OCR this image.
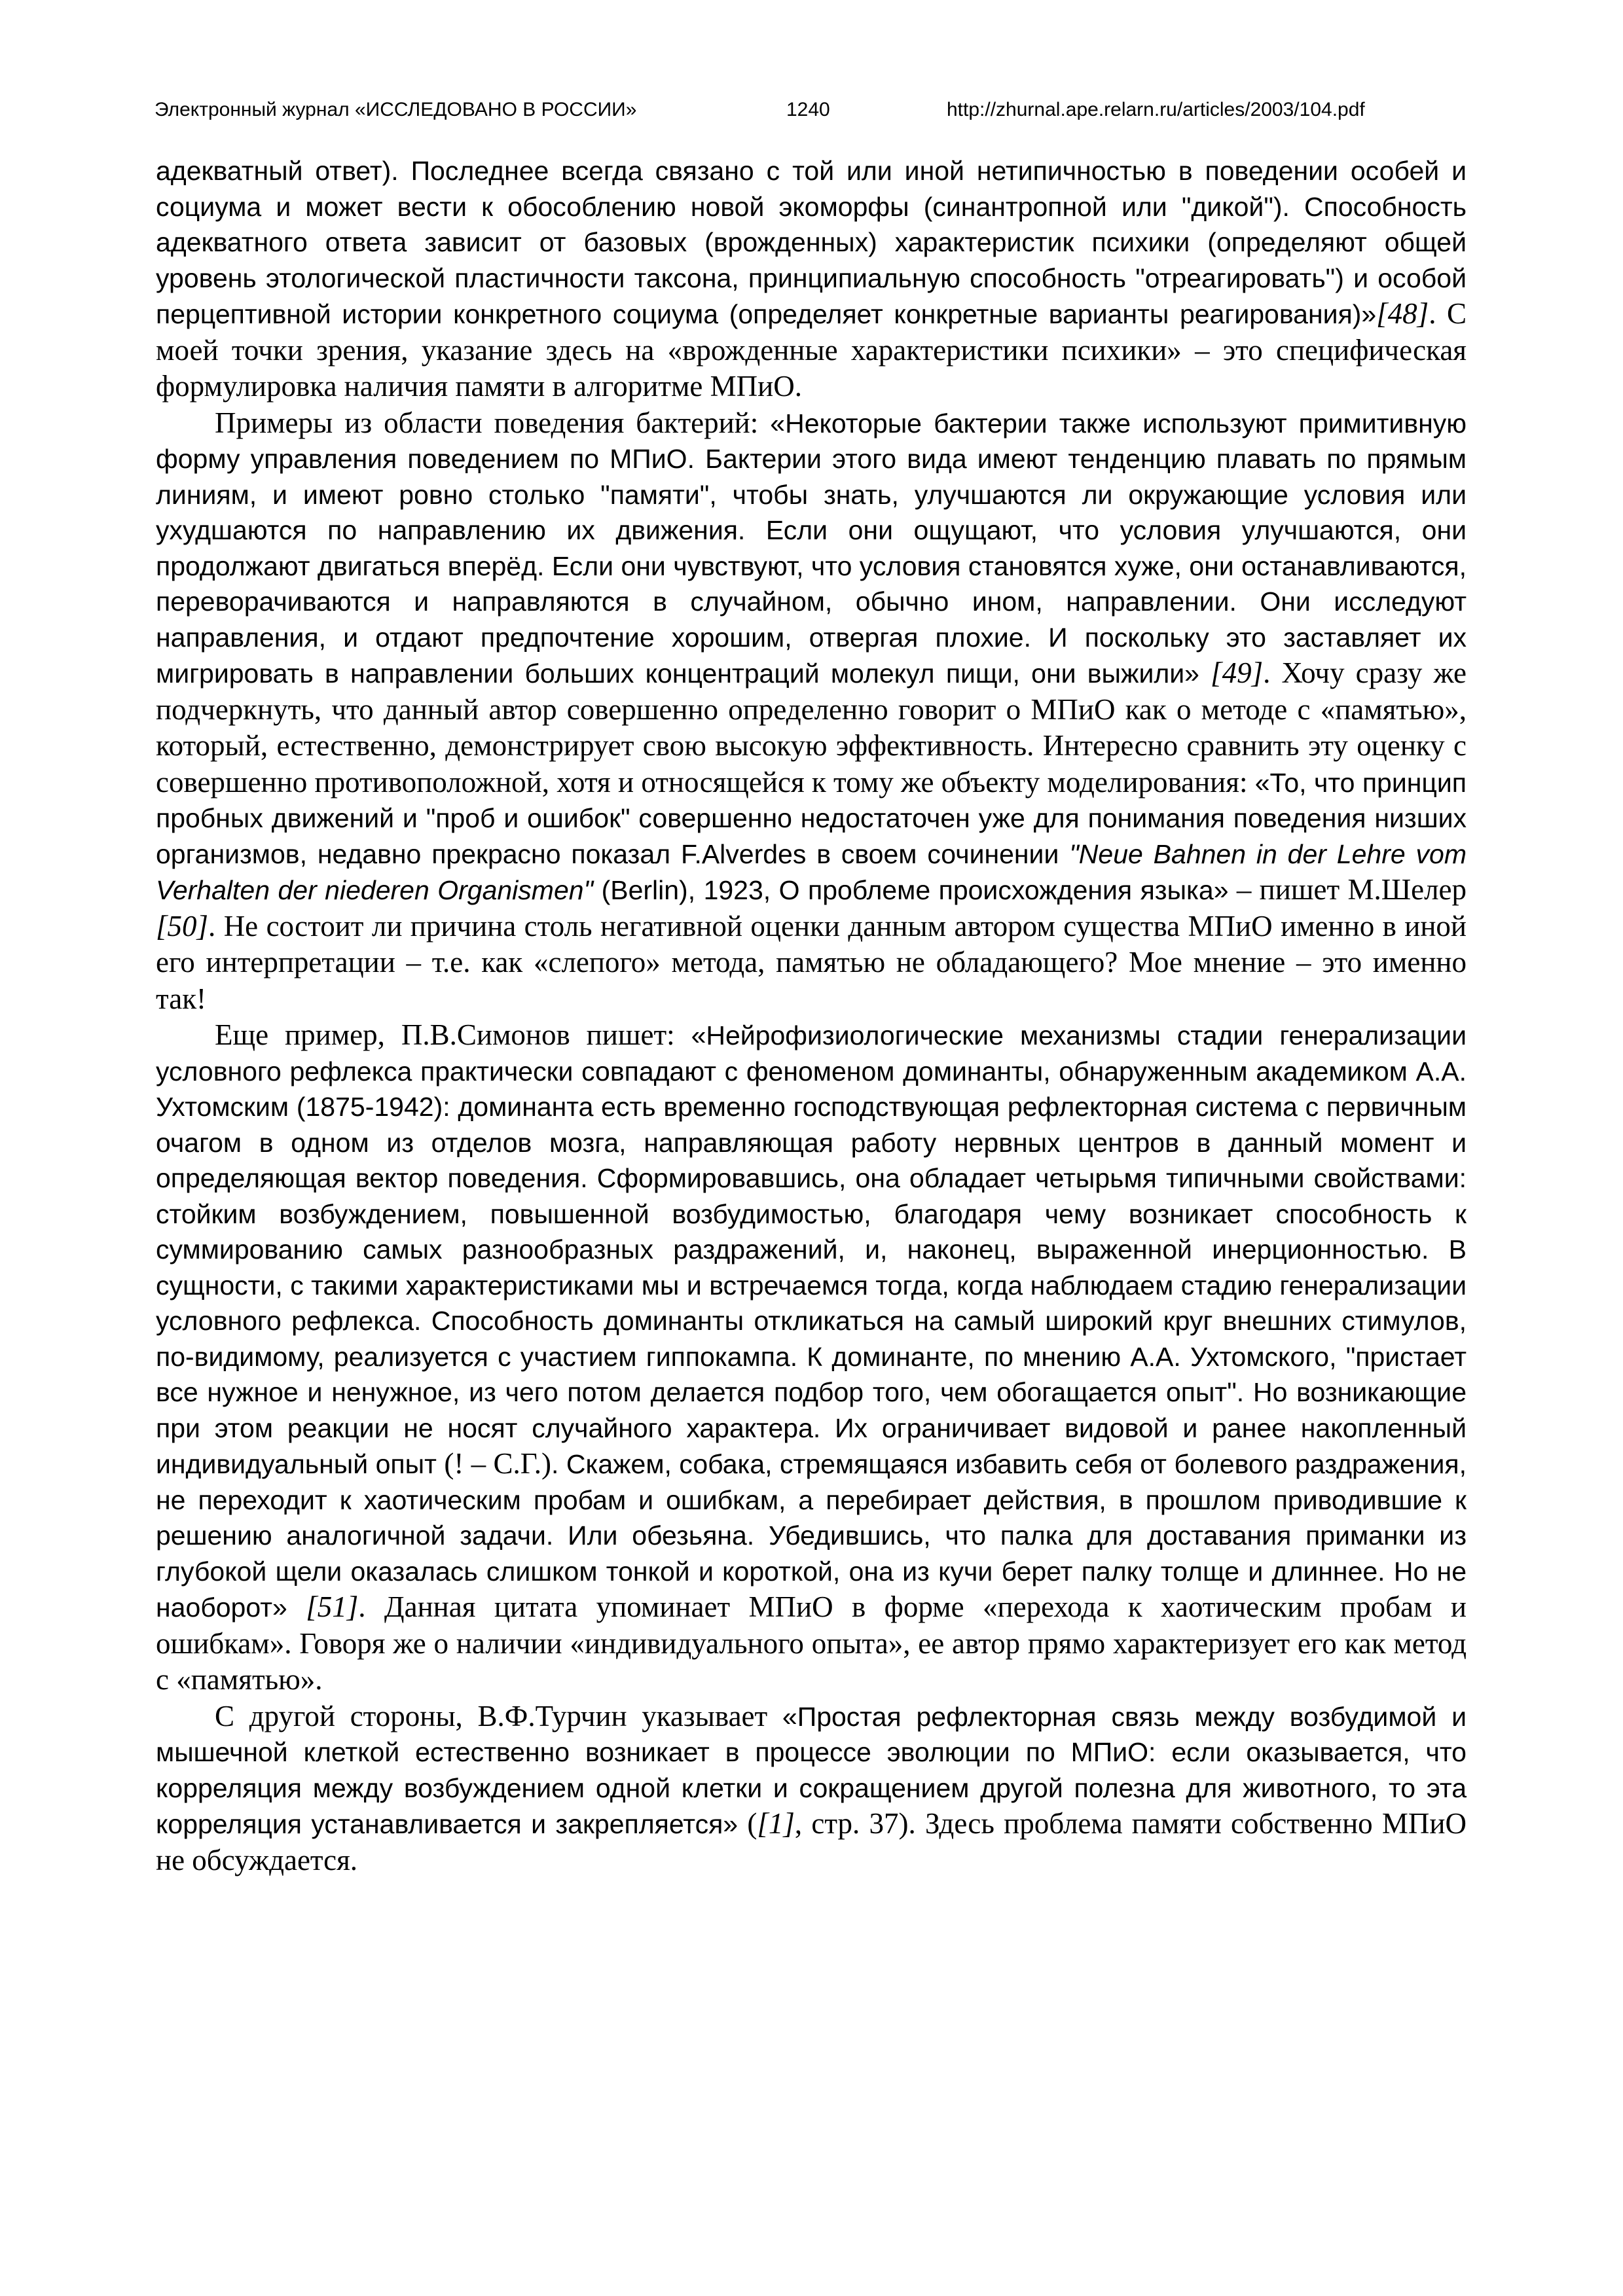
Электронный журнал «ИССЛЕДОВАНО В РОССИИ»	1240	http://zhurnal.ape.relarn.ru/articles/2003/104.pdf

адекватный ответ). Последнее всегда связано с той или иной нетипичностью в поведении особей и социума и может вести к обособлению новой экоморфы (синантропной или "дикой"). Способность адекватного ответа зависит от базовых (врожденных) характеристик психики (определяют общей уровень этологической пластичности таксона, принципиальную способность "отреагировать") и особой перцептивной истории конкретного социума (определяет конкретные варианты реагирования)»[48]. С моей точки зрения, указание здесь на «врожденные характеристики психики» – это специфическая формулировка наличия памяти в алгоритме МПиО.

Примеры из области поведения бактерий: «Некоторые бактерии также используют примитивную форму управления поведением по МПиО. Бактерии этого вида имеют тенденцию плавать по прямым линиям, и имеют ровно столько "памяти", чтобы знать, улучшаются ли окружающие условия или ухудшаются по направлению их движения. Если они ощущают, что условия улучшаются, они продолжают двигаться вперёд. Если они чувствуют, что условия становятся хуже, они останавливаются, переворачиваются и направляются в случайном, обычно ином, направлении. Они исследуют направления, и отдают предпочтение хорошим, отвергая плохие. И поскольку это заставляет их мигрировать в направлении больших концентраций молекул пищи, они выжили» [49]. Хочу сразу же подчеркнуть, что данный автор совершенно определенно говорит о МПиО как о методе с «памятью», который, естественно, демонстрирует свою высокую эффективность. Интересно сравнить эту оценку с совершенно противоположной, хотя и относящейся к тому же объекту моделирования: «То, что принцип пробных движений и "проб и ошибок" совершенно недостаточен уже для понимания поведения низших организмов, недавно прекрасно показал F.Alverdes в своем сочинении "Neue Bahnen in der Lehre vom Verhalten der niederen Organismen" (Berlin), 1923, О проблеме происхождения языка» – пишет М.Шелер [50]. Не состоит ли причина столь негативной оценки данным автором существа МПиО именно в иной его интерпретации – т.е. как «слепого» метода, памятью не обладающего? Мое мнение – это именно так!

Еще пример, П.В.Симонов пишет: «Нейрофизиологические механизмы стадии генерализации условного рефлекса практически совпадают с феноменом доминанты, обнаруженным академиком А.А. Ухтомским (1875-1942): доминанта есть временно господствующая рефлекторная система с первичным очагом в одном из отделов мозга, направляющая работу нервных центров в данный момент и определяющая вектор поведения. Сформировавшись, она обладает четырьмя типичными свойствами: стойким возбуждением, повышенной возбудимостью, благодаря чему возникает способность к суммированию самых разнообразных раздражений, и, наконец, выраженной инерционностью. В сущности, с такими характеристиками мы и встречаемся тогда, когда наблюдаем стадию генерализации условного рефлекса. Способность доминанты откликаться на самый широкий круг внешних стимулов, по-видимому, реализуется с участием гиппокампа. К доминанте, по мнению А.А. Ухтомского, "пристает все нужное и ненужное, из чего потом делается подбор того, чем обогащается опыт". Но возникающие при этом реакции не носят случайного характера. Их ограничивает видовой и ранее накопленный индивидуальный опыт (! – С.Г.). Скажем, собака, стремящаяся избавить себя от болевого раздражения, не переходит к хаотическим пробам и ошибкам, а перебирает действия, в прошлом приводившие к решению аналогичной задачи. Или обезьяна. Убедившись, что палка для доставания приманки из глубокой щели оказалась слишком тонкой и короткой, она из кучи берет палку толще и длиннее. Но не наоборот» [51]. Данная цитата упоминает МПиО в форме «перехода к хаотическим пробам и ошибкам». Говоря же о наличии «индивидуального опыта», ее автор прямо характеризует его как метод с «памятью».

С другой стороны, В.Ф.Турчин указывает «Простая рефлекторная связь между возбудимой и мышечной клеткой естественно возникает в процессе эволюции по МПиО: если оказывается, что корреляция между возбуждением одной клетки и сокращением другой полезна для животного, то эта корреляция устанавливается и закрепляется» ([1], стр. 37). Здесь проблема памяти собственно МПиО не обсуждается.
